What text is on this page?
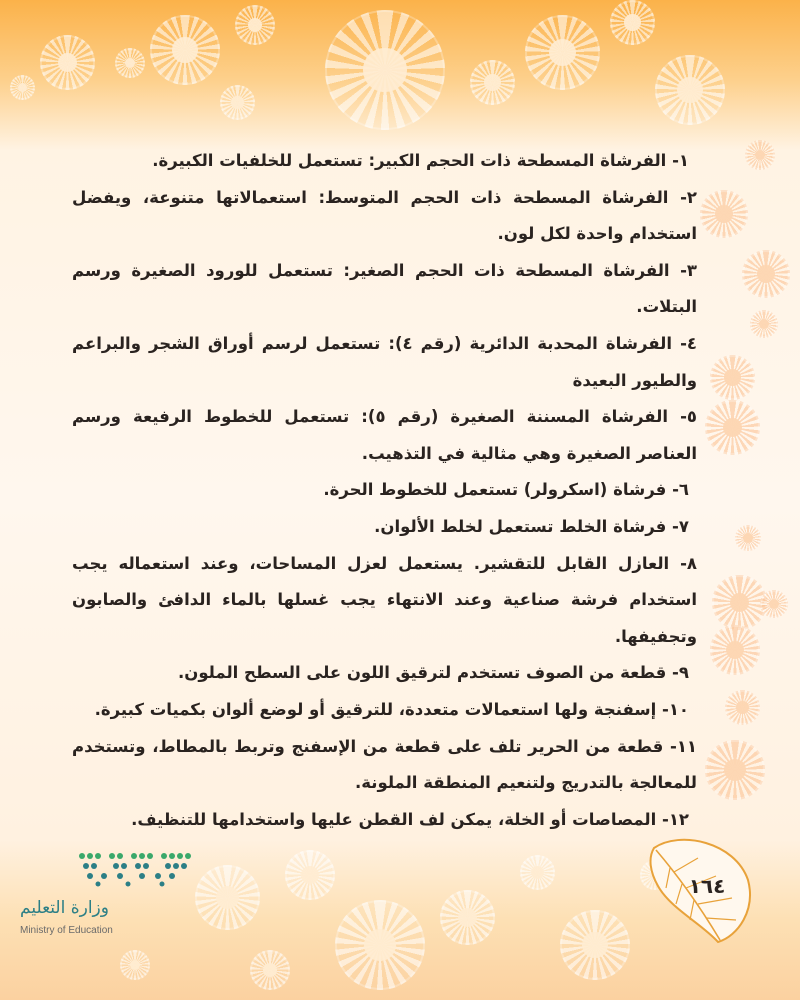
١- الفرشاة المسطحة ذات الحجم الكبير: تستعمل للخلفيات الكبيرة.

٢- الفرشاة المسطحة ذات الحجم المتوسط: استعمالاتها متنوعة، ويفضل استخدام واحدة لكل لون.

٣- الفرشاة المسطحة ذات الحجم الصغير: تستعمل للورود الصغيرة ورسم البتلات.

٤- الفرشاة المحدبة الدائرية (رقم ٤): تستعمل لرسم أوراق الشجر والبراعم والطيور البعيدة

٥- الفرشاة المسننة الصغيرة (رقم ٥): تستعمل للخطوط الرفيعة ورسم العناصر الصغيرة وهي مثالية في التذهيب.

٦- فرشاة (اسكرولر) تستعمل للخطوط الحرة.

٧- فرشاة الخلط تستعمل لخلط الألوان.

٨- العازل القابل للتقشير. يستعمل لعزل المساحات، وعند استعماله يجب استخدام فرشة صناعية وعند الانتهاء يجب غسلها بالماء الدافئ والصابون وتجفيفها.

٩- قطعة من الصوف تستخدم لترقيق اللون على السطح الملون.

١٠- إسفنجة ولها استعمالات متعددة، للترقيق أو لوضع ألوان بكميات كبيرة.

١١- قطعة من الحرير تلف على قطعة من الإسفنج وتربط بالمطاط، وتستخدم للمعالجة بالتدريج ولتنعيم المنطقة الملونة.

١٢- المصاصات أو الخلة، يمكن لف القطن عليها واستخدامها للتنظيف.

١٦٤
وزارة التعليم
Ministry of Education
